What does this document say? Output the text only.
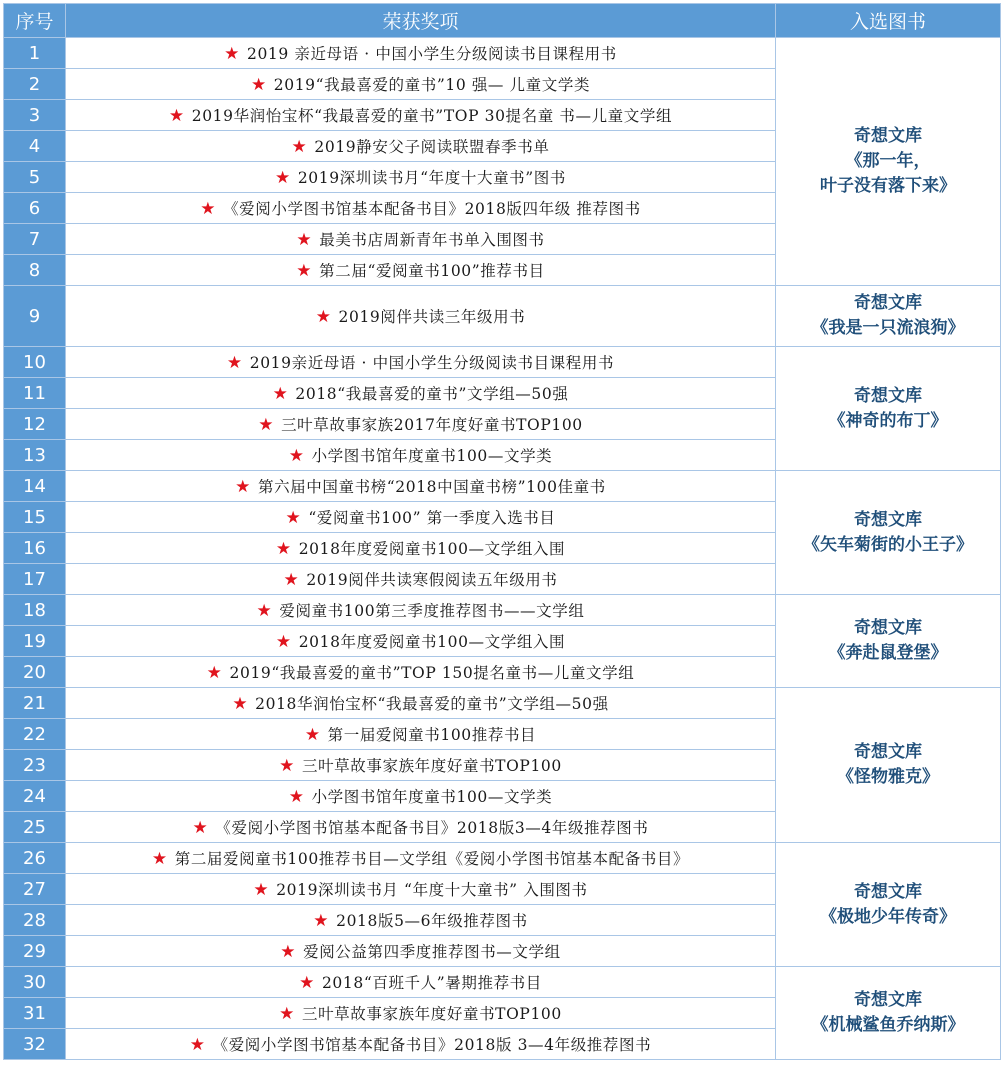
序号	荣获奖项	入选图书
1	★ 2019 亲近母语 · 中国小学生分级阅读书目课程用书	奇想文库
《那一年，
叶子没有落下来》

2	★ 2019“我最喜爱的童书”10 强— 儿童文学类	
3	★ 2019华润怡宝杯“我最喜爱的童书”TOP 30提名童 书—儿童文学组	
4	★ 2019静安父子阅读联盟春季书单	
5	★ 2019深圳读书月“年度十大童书”图书	
6	★ 《爱阅小学图书馆基本配备书目》2018版四年级 推荐图书	
7	★ 最美书店周新青年书单入围图书	
8	★ 第二届“爱阅童书100”推荐书目	
9	★ 2019阅伴共读三年级用书	奇想文库
《我是一只流浪狗》

10	★ 2019亲近母语 · 中国小学生分级阅读书目课程用书	奇想文库
《神奇的布丁》

11	★ 2018“我最喜爱的童书”文学组—50强	
12	★ 三叶草故事家族2017年度好童书TOP100	
13	★ 小学图书馆年度童书100—文学类	
14	★ 第六届中国童书榜“2018中国童书榜”100佳童书	奇想文库
《矢车菊街的小王子》

15	★ “爱阅童书100” 第一季度入选书目	
16	★ 2018年度爱阅童书100—文学组入围	
17	★ 2019阅伴共读寒假阅读五年级用书	
18	★ 爱阅童书100第三季度推荐图书——文学组	奇想文库
《奔赴鼠登堡》

19	★ 2018年度爱阅童书100—文学组入围	
20	★ 2019“我最喜爱的童书”TOP 150提名童书—儿童文学组	
21	★ 2018华润怡宝杯“我最喜爱的童书”文学组—50强	奇想文库
《怪物雅克》

22	★ 第一届爱阅童书100推荐书目	
23	★ 三叶草故事家族年度好童书TOP100	
24	★ 小学图书馆年度童书100—文学类	
25	★ 《爱阅小学图书馆基本配备书目》2018版3—4年级推荐图书	
26	★ 第二届爱阅童书100推荐书目—文学组《爱阅小学图书馆基本配备书目》	奇想文库
《极地少年传奇》

27	★ 2019深圳读书月 “年度十大童书” 入围图书	
28	★ 2018版5—6年级推荐图书	
29	★ 爱阅公益第四季度推荐图书—文学组	
30	★ 2018“百班千人”暑期推荐书目	奇想文库
《机械鲨鱼乔纳斯》

31	★ 三叶草故事家族年度好童书TOP100	
32	★ 《爱阅小学图书馆基本配备书目》2018版 3—4年级推荐图书	
